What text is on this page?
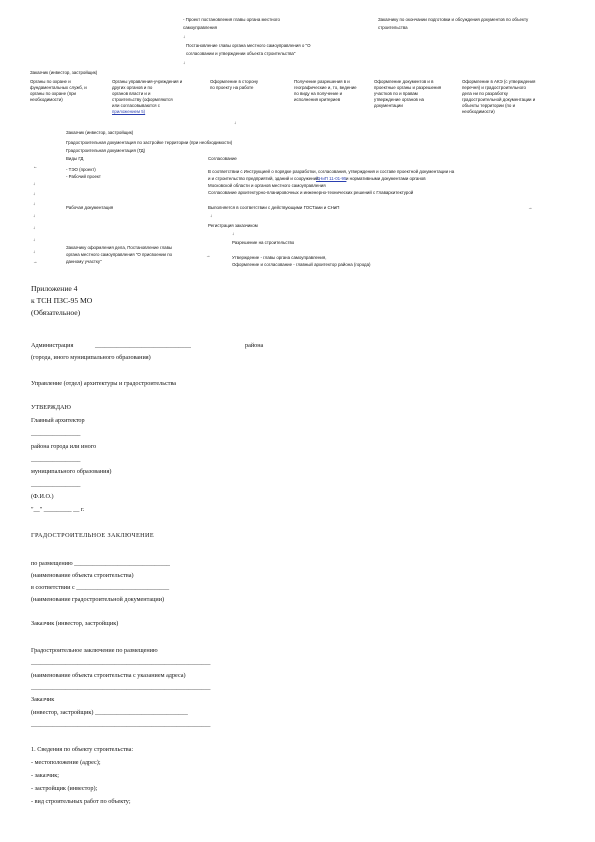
- Проект постановления главы органа местного
самоуправления
Заказчику по окончании подготовки и обсуждения документов по объекту
строительства
↓
Постановление главы органа местного самоуправления о "О
согласовании и утверждении объекта строительства"
↓
Заказчик (инвестор, застройщик)
Органы по охране и
фундаментальных служб, и
органы по охране (при
необходимости)
Органы управления-учреждения и
других органов и по
органов власти и и
строительству (оформляются
или согласовываются с
приложением 5)
Оформление в сторону
по проекту на работе
Получение разрешения в и
географические и, то, ведение
по виду на получение и
исполнения критериев
Оформление документов и в
проектные органы и разрешения
участков по и правам
утверждение органов на
документации
Оформление в АКЭ (с утверждения
перечня) и градостроительного
дела ни по разработку
градостроительной документации и
объекты территории (по и
необходимости)
↓
Заказчик (инвестор, застройщик)
Градостроительная документация по застройке территории (при необходимости)
Градостроительная документация (ГД)
Виды ГД	Согласование
←
↓
↓
↓
↓
↓
↓
↓
→
- ТЭО (проект)
- Рабочий проект
В соответствии с Инструкцией о порядке разработки, согласования, утверждения и составе проектной документации на
и и строительство предприятий, зданий и сооружений,
СНиП 11-01-95 и нормативными документами органов
Московской области и органов местного самоуправления
Согласование архитектурно-планировочных и инженерно-технических решений с Главархитектурой
Рабочая документация	Выполняется в соответствии с действующими ГОСТами и СНиП	→
↓
Регистрация заказчиком
↓
Разрешение на строительство
Заказчику оформления дела, Постановление главы
органа местного самоуправления "О присвоении по
данному участку"
→	Утверждение - главы органа самоуправления,
Оформление и согласование - главный архитектор района (города)
Приложение 4
к ТСН ПЗС-95 МО
(Обязательное)
Администрация	_______________________________	района
(города, иного муниципального образования)
Управление (отдел) архитектуры и градостроительства
УТВЕРЖДАЮ
Главный архитектор
________________
района города или иного
________________
муниципального образования)
________________
(Ф.И.О.)
"__" _________ __ г.
ГРАДОСТРОИТЕЛЬНОЕ ЗАКЛЮЧЕНИЕ
по размещению _______________________________
(наименование объекта строительства)
в соответствии с ______________________________
(наименование градостроительной документации)
Заказчик (инвестор, застройщик)
Градостроительное заключение по размещению
__________________________________________________________
(наименование объекта строительства с указанием адреса)
__________________________________________________________
Заказчик
(инвестор, застройщик) ______________________________
__________________________________________________________
1. Сведения по объекту строительства:
- местоположение (адрес);
- заказчик;
- застройщик (инвестор);
- вид строительных работ по объекту;
